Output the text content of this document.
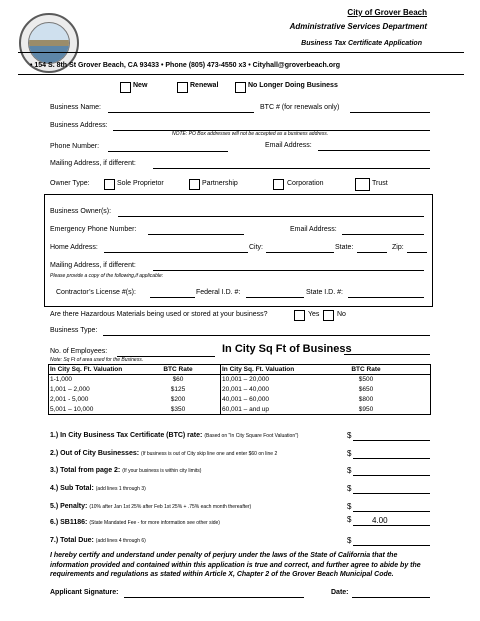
City of Grover Beach
Administrative Services Department
Business Tax Certificate Application
• 154 S. 8th St Grover Beach, CA 93433 • Phone (805) 473-4550 x3 • Cityhall@groverbeach.org
New	Renewal	No Longer Doing Business
Business Name:	BTC # (for renewals only)
Business Address:
NOTE: PO Box addresses will not be accepted as a business address.
Phone Number:	Email Address:
Mailing Address, if different:
Owner Type:	Sole Proprietor	Partnership	Corporation	Trust
Business Owner(s):
Emergency Phone Number:	Email Address:
Home Address:	City:	State:	Zip:
Mailing Address, if different:
Please provide a copy of the following,if applicable:
Contractor’s License #(s):	Federal I.D. #:	State I.D. #:
Are there Hazardous Materials being used or stored at your business?	Yes	No
Business Type:
No. of Employees:
Note: Sq Ft of area used for the Business.
In City Sq Ft of Business
In City Sq. Ft. Valuation	BTC Rate	In City Sq. Ft. Valuation	BTC Rate
1-1,000	$60	10,001 – 20,000	$500
1,001 – 2,000	$125	20,001 – 40,000	$650
2,001 - 5,000	$200	40,001 – 60,000	$800
5,001 – 10,000	$350	60,001 – and up	$950
1.) In City Business Tax Certificate (BTC) rate: (Based on “In City Square Foot Valuation”)	$
2.) Out of City Businesses: (If business is out of City skip line one and enter $60 on line 2	$
3.) Total from page 2: (If your business is within city limits)	$
4.) Sub Total: (add lines 1 through 3)	$
5.) Penalty: (10% after Jan 1st 25% after Feb 1st 25% + .75% each month thereafter)	$
6.) SB1186: (State Mandated Fee - for more information see other side)	$	4.00
7.) Total Due: (add lines 4 through 6)	$
I hereby certify and understand under penalty of perjury under the laws of the State of California that the information provided and contained within this application is true and correct, and further agree to abide by the requirements and regulations as stated within Article X, Chapter 2 of the Grover Beach Municipal Code.
Applicant Signature:	Date:
